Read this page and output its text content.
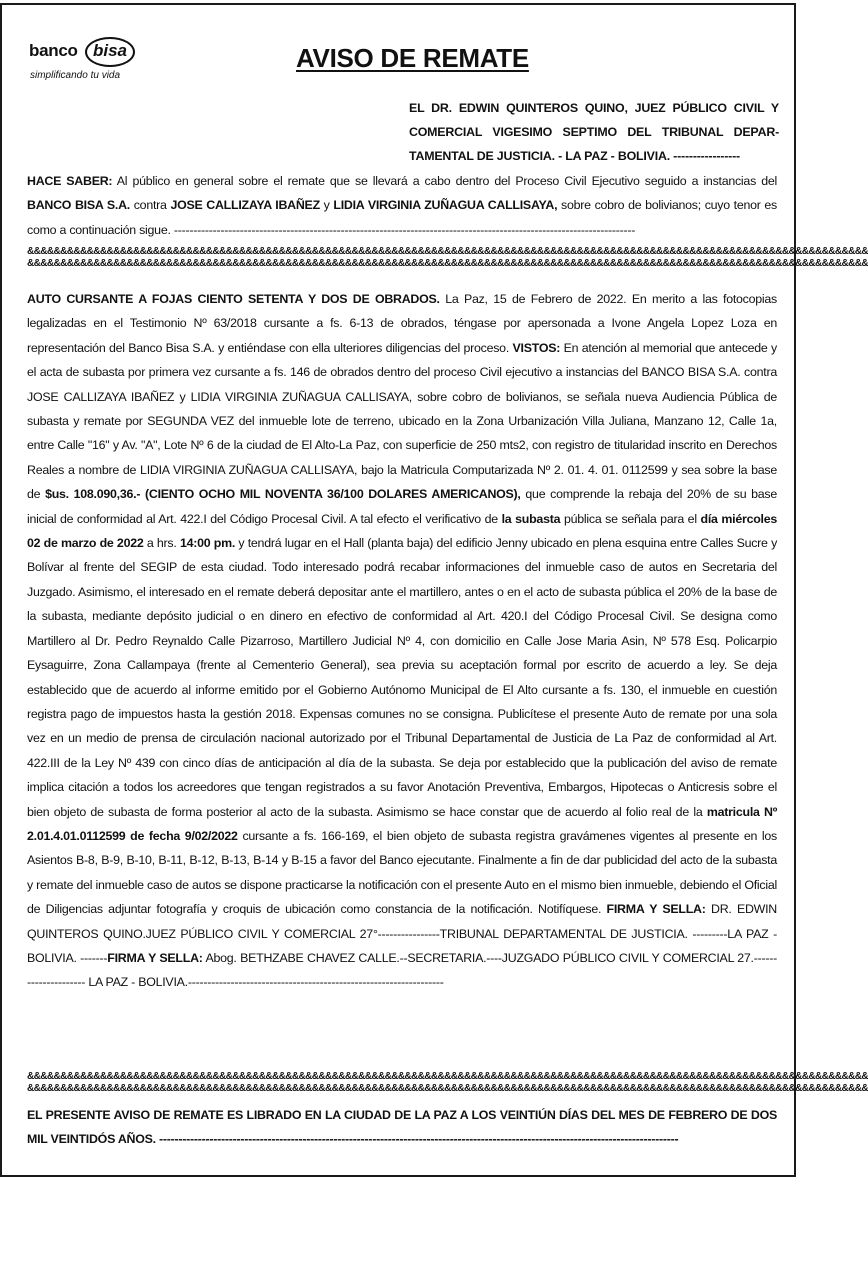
banco bisa
simplificando tu vida
AVISO DE REMATE
EL DR. EDWIN QUINTEROS QUINO, JUEZ PÚBLICO CIVIL Y COMERCIAL VIGESIMO SEPTIMO DEL TRIBUNAL DEPAR- TAMENTAL DE JUSTICIA. - LA PAZ - BOLIVIA. -----------------
HACE SABER: Al público en general sobre el remate que se llevará a cabo dentro del Proceso Civil Ejecutivo seguido a instancias del BANCO BISA S.A. contra JOSE CALLIZAYA IBAÑEZ y LIDIA VIRGINIA ZUÑAGUA CALLISAYA, sobre cobro de bolivianos; cuyo tenor es como a continuación sigue. -----------------------------------------------------------------------------------------------------------------------
&&&&&&&&&&&&&&&&&&&&&&&&&&&&&&&&&&&&&&&&&&&&&&&&&&&&&&&&&&&&&&&&&&&&&&&&&&&&&&&&&&&&&&&&&&&&&&&&&&&&&&&&&&&&&&&&&&&&&&&&&&&&&&&
&&&&&&&&&&&&&&&&&&&&&&&&&&&&&&&&&&&&&&&&&&&&&&&&&&&&&&&&&&&&&&&&&&&&&&&&&&&&&&&&&&&&&&&&&&&&&&&&&&&&&&&&&&&&&&&&&&&&&&&&&&&&&&&
AUTO CURSANTE A FOJAS CIENTO SETENTA Y DOS DE OBRADOS. La Paz, 15 de Febrero de 2022. En merito a las fotocopias legalizadas en el Testimonio Nº 63/2018 cursante a fs. 6-13 de obrados, téngase por apersonada a Ivone Angela Lopez Loza en representación del Banco Bisa S.A. y entiéndase con ella ulteriores diligencias del proceso. VISTOS: En atención al memorial que antecede y el acta de subasta por primera vez cursante a fs. 146 de obrados dentro del proceso Civil ejecutivo a instancias del BANCO BISA S.A. contra JOSE CALLIZAYA IBAÑEZ y LIDIA VIRGINIA ZUÑAGUA CALLISAYA, sobre cobro de bolivianos, se señala nueva Audiencia Pública de subasta y remate por SEGUNDA VEZ del inmueble lote de terreno, ubicado en la Zona Urbanización Villa Juliana, Manzano 12, Calle 1a, entre Calle "16" y Av. "A", Lote Nº 6 de la ciudad de El Alto-La Paz, con superficie de 250 mts2, con registro de titularidad inscrito en Derechos Reales a nombre de LIDIA VIRGINIA ZUÑAGUA CALLISAYA, bajo la Matricula Computarizada Nº 2. 01. 4. 01. 0112599 y sea sobre la base de $us. 108.090,36.- (CIENTO OCHO MIL NOVENTA 36/100 DOLARES AMERICANOS), que comprende la rebaja del 20% de su base inicial de conformidad al Art. 422.I del Código Procesal Civil. A tal efecto el verificativo de la subasta pública se señala para el día miércoles 02 de marzo de 2022 a hrs. 14:00 pm. y tendrá lugar en el Hall (planta baja) del edificio Jenny ubicado en plena esquina entre Calles Sucre y Bolívar al frente del SEGIP de esta ciudad. Todo interesado podrá recabar informaciones del inmueble caso de autos en Secretaria del Juzgado. Asimismo, el interesado en el remate deberá depositar ante el martillero, antes o en el acto de subasta pública el 20% de la base de la subasta, mediante depósito judicial o en dinero en efectivo de conformidad al Art. 420.I del Código Procesal Civil. Se designa como Martillero al Dr. Pedro Reynaldo Calle Pizarroso, Martillero Judicial Nº 4, con domicilio en Calle Jose Maria Asin, Nº 578 Esq. Policarpio Eysaguirre, Zona Callampaya (frente al Cementerio General), sea previa su aceptación formal por escrito de acuerdo a ley. Se deja establecido que de acuerdo al informe emitido por el Gobierno Autónomo Municipal de El Alto cursante a fs. 130, el inmueble en cuestión registra pago de impuestos hasta la gestión 2018. Expensas comunes no se consigna. Publicítese el presente Auto de remate por una sola vez en un medio de prensa de circulación nacional autorizado por el Tribunal Departamental de Justicia de La Paz de conformidad al Art. 422.III de la Ley Nº 439 con cinco días de anticipación al día de la subasta. Se deja por establecido que la publicación del aviso de remate implica citación a todos los acreedores que tengan registrados a su favor Anotación Preventiva, Embargos, Hipotecas o Anticresis sobre el bien objeto de subasta de forma posterior al acto de la subasta. Asimismo se hace constar que de acuerdo al folio real de la matricula Nº 2.01.4.01.0112599 de fecha 9/02/2022 cursante a fs. 166-169, el bien objeto de subasta registra gravámenes vigentes al presente en los Asientos B-8, B-9, B-10, B-11, B-12, B-13, B-14 y B-15 a favor del Banco ejecutante. Finalmente a fin de dar publicidad del acto de la subasta y remate del inmueble caso de autos se dispone practicarse la notificación con el presente Auto en el mismo bien inmueble, debiendo el Oficial de Diligencias adjuntar fotografía y croquis de ubicación como constancia de la notificación. Notifíquese. FIRMA Y SELLA: DR. EDWIN QUINTEROS QUINO.JUEZ PÚBLICO CIVIL Y COMERCIAL 27°----------------TRIBUNAL DEPARTAMENTAL DE JUSTICIA. ---------LA PAZ - BOLIVIA. -------FIRMA Y SELLA: Abog. BETHZABE CHAVEZ CALLE.--SECRETARIA.----JUZGADO PÚBLICO CIVIL Y COMERCIAL 27.--------------------- LA PAZ - BOLIVIA.------------------------------------------------------------------
&&&&&&&&&&&&&&&&&&&&&&&&&&&&&&&&&&&&&&&&&&&&&&&&&&&&&&&&&&&&&&&&&&&&&&&&&&&&&&&&&&&&&&&&&&&&&&&&&&&&&&&&&&&&&&&&&&&&&&&&&&&&&&&
&&&&&&&&&&&&&&&&&&&&&&&&&&&&&&&&&&&&&&&&&&&&&&&&&&&&&&&&&&&&&&&&&&&&&&&&&&&&&&&&&&&&&&&&&&&&&&&&&&&&&&&&&&&&&&&&&&&&&&&&&&&&&&&
EL PRESENTE AVISO DE REMATE ES LIBRADO EN LA CIUDAD DE LA PAZ A LOS VEINTIÚN DÍAS DEL MES DE FEBRERO DE DOS MIL VEINTIDÓS AÑOS. --------------------------------------------------------------------------------------------------------------------------------------
